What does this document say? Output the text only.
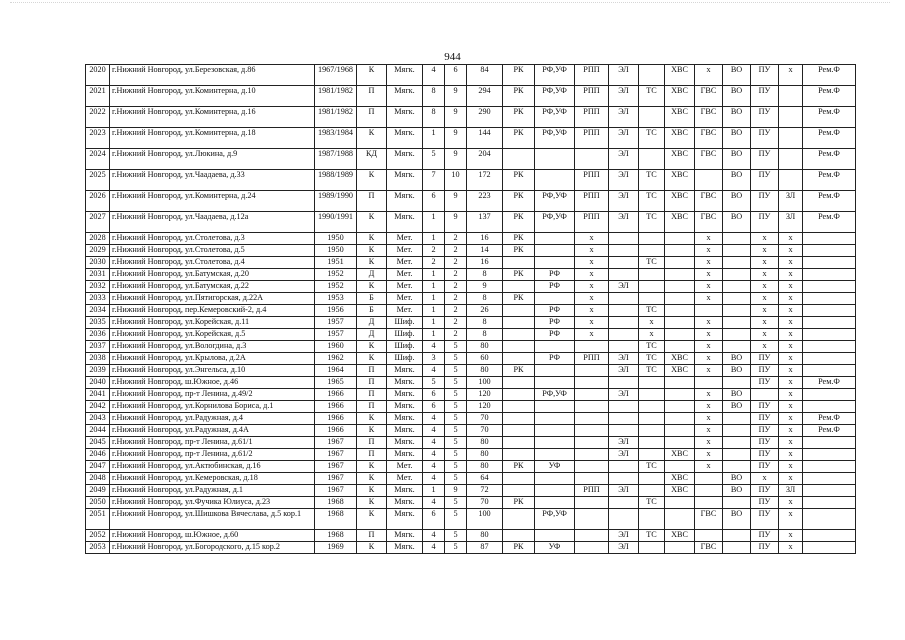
944
2020	г.Нижний Новгород, ул.Березовская, д.86	1967/1968	К	Мягк.	4	6	84	РК	РФ,УФ	РПП	ЭЛ		ХВС	х	ВО	ПУ	х	Рем.Ф
2021	г.Нижний Новгород, ул.Коминтерна, д.10	1981/1982	П	Мягк.	8	9	294	РК	РФ,УФ	РПП	ЭЛ	ТС	ХВС	ГВС	ВО	ПУ		Рем.Ф
2022	г.Нижний Новгород, ул.Коминтерна, д.16	1981/1982	П	Мягк.	8	9	290	РК	РФ,УФ	РПП	ЭЛ		ХВС	ГВС	ВО	ПУ		Рем.Ф
2023	г.Нижний Новгород, ул.Коминтерна, д.18	1983/1984	К	Мягк.	1	9	144	РК	РФ,УФ	РПП	ЭЛ	ТС	ХВС	ГВС	ВО	ПУ		Рем.Ф
2024	г.Нижний Новгород, ул.Люкина, д.9	1987/1988	КД	Мягк.	5	9	204				ЭЛ		ХВС	ГВС	ВО	ПУ		Рем.Ф
2025	г.Нижний Новгород, ул.Чаадаева, д.33	1988/1989	К	Мягк.	7	10	172	РК		РПП	ЭЛ	ТС	ХВС		ВО	ПУ		Рем.Ф
2026	г.Нижний Новгород, ул.Коминтерна, д.24	1989/1990	П	Мягк.	6	9	223	РК	РФ,УФ	РПП	ЭЛ	ТС	ХВС	ГВС	ВО	ПУ	ЗЛ	Рем.Ф
2027	г.Нижний Новгород, ул.Чаадаева, д.12а	1990/1991	К	Мягк.	1	9	137	РК	РФ,УФ	РПП	ЭЛ	ТС	ХВС	ГВС	ВО	ПУ	ЗЛ	Рем.Ф
2028	г.Нижний Новгород, ул.Столетова, д.3	1950	К	Мет.	1	2	16	РК		х				х		х	х	
2029	г.Нижний Новгород, ул.Столетова, д.5	1950	К	Мет.	2	2	14	РК		х				х		х	х	
2030	г.Нижний Новгород, ул.Столетова, д.4	1951	К	Мет.	2	2	16			х		ТС		х		х	х	
2031	г.Нижний Новгород, ул.Батумская, д.20	1952	Д	Мет.	1	2	8	РК	РФ	х				х		х	х	
2032	г.Нижний Новгород, ул.Батумская, д.22	1952	К	Мет.	1	2	9		РФ	х	ЭЛ			х		х	х	
2033	г.Нижний Новгород, ул.Пятигорская, д.22А	1953	Б	Мет.	1	2	8	РК		х				х		х	х	
2034	г.Нижний Новгород, пер.Кемеровский-2, д.4	1956	Б	Мет.	1	2	26		РФ	х		ТС				х	х	
2035	г.Нижний Новгород, ул.Корейская, д.11	1957	Д	Шиф.	1	2	8		РФ	х		х		х		х	х	
2036	г.Нижний Новгород, ул.Корейская, д.5	1957	Д	Шиф.	1	2	8		РФ	х		х		х		х	х	
2037	г.Нижний Новгород, ул.Вологдина, д.3	1960	К	Шиф.	4	5	80					ТС		х		х	х	
2038	г.Нижний Новгород, ул.Крылова, д.2А	1962	К	Шиф.	3	5	60		РФ	РПП	ЭЛ	ТС	ХВС	х	ВО	ПУ	х	
2039	г.Нижний Новгород, ул.Энгельса, д.10	1964	П	Мягк.	4	5	80	РК			ЭЛ	ТС	ХВС	х	ВО	ПУ	х	
2040	г.Нижний Новгород, ш.Южное, д.46	1965	П	Мягк.	5	5	100									ПУ	х	Рем.Ф
2041	г.Нижний Новгород, пр-т Ленина, д.49/2	1966	П	Мягк.	6	5	120		РФ,УФ		ЭЛ			х	ВО		х	
2042	г.Нижний Новгород, ул.Корнилова Бориса, д.1	1966	П	Мягк.	6	5	120							х	ВО	ПУ	х	
2043	г.Нижний Новгород, ул.Радужная, д.4	1966	К	Мягк.	4	5	70							х		ПУ	х	Рем.Ф
2044	г.Нижний Новгород, ул.Радужная, д.4А	1966	К	Мягк.	4	5	70							х		ПУ	х	Рем.Ф
2045	г.Нижний Новгород, пр-т Ленина, д.61/1	1967	П	Мягк.	4	5	80				ЭЛ			х		ПУ	х	
2046	г.Нижний Новгород, пр-т Ленина, д.61/2	1967	П	Мягк.	4	5	80				ЭЛ		ХВС	х		ПУ	х	
2047	г.Нижний Новгород, ул.Актюбинская, д.16	1967	К	Мет.	4	5	80	РК	УФ			ТС		х		ПУ	х	
2048	г.Нижний Новгород, ул.Кемеровская, д.18	1967	К	Мет.	4	5	64						ХВС		ВО	х	х	
2049	г.Нижний Новгород, ул.Радужная, д.1	1967	К	Мягк.	1	9	72			РПП	ЭЛ		ХВС		ВО	ПУ	ЗЛ	
2050	г.Нижний Новгород, ул.Фучика Юлиуса, д.23	1968	К	Мягк.	4	5	70	РК				ТС				ПУ	х	
2051	г.Нижний Новгород, ул.Шишкова Вячеслава, д.5 кор.1	1968	К	Мягк.	6	5	100		РФ,УФ					ГВС	ВО	ПУ	х	
2052	г.Нижний Новгород, ш.Южное, д.60	1968	П	Мягк.	4	5	80				ЭЛ	ТС	ХВС			ПУ	х	
2053	г.Нижний Новгород, ул.Богородского, д.15 кор.2	1969	К	Мягк.	4	5	87	РК	УФ		ЭЛ			ГВС		ПУ	х	
